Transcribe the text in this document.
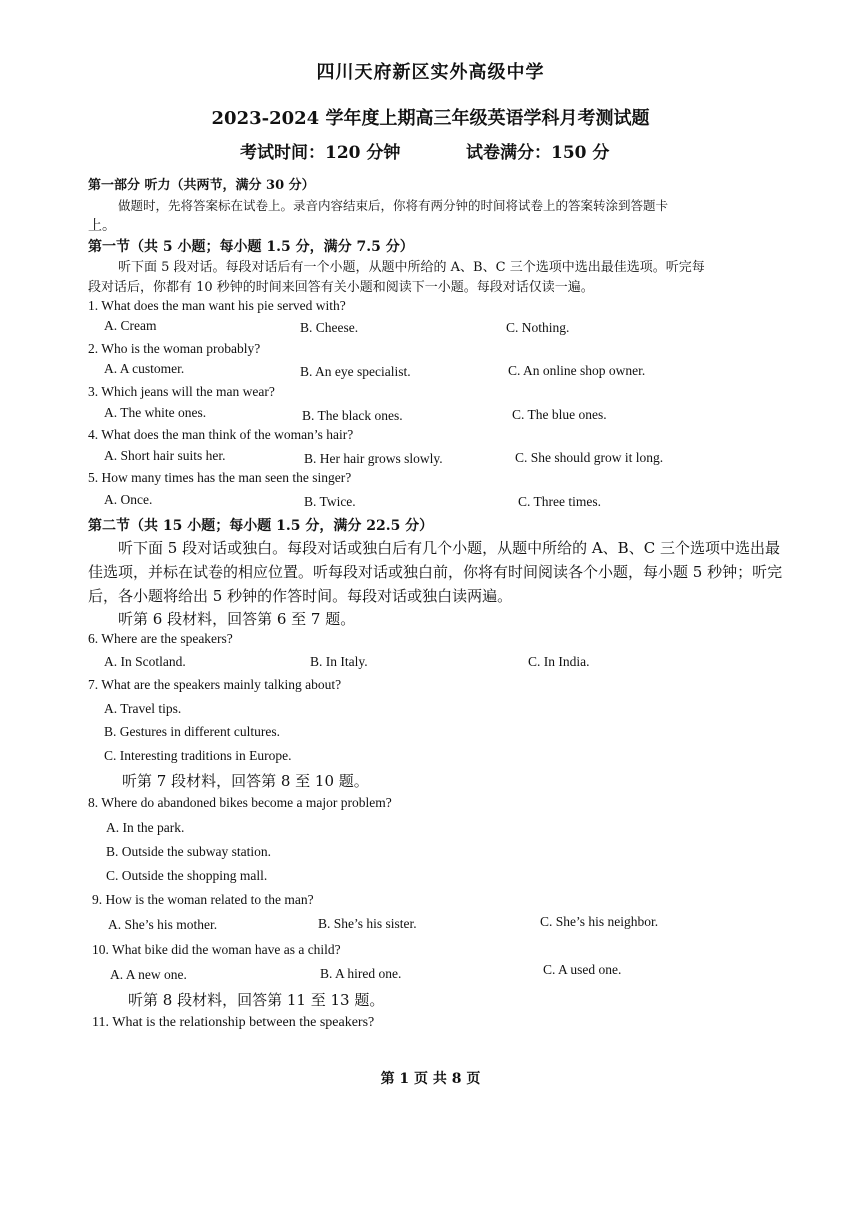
四川天府新区实外高级中学
2023-2024 学年度上期高三年级英语学科月考测试题
考试时间：120 分钟	试卷满分：150 分
第一部分 听力（共两节，满分 30 分）
做题时，先将答案标在试卷上。录音内容结束后，你将有两分钟的时间将试卷上的答案转涂到答题卡
上。
第一节（共 5 小题；每小题 1.5 分，满分 7.5 分）
听下面 5 段对话。每段对话后有一个小题，从题中所给的 A、B、C 三个选项中选出最佳选项。听完每
段对话后，你都有 10 秒钟的时间来回答有关小题和阅读下一小题。每段对话仅读一遍。
1. What does the man want his pie served with?
A. Cream	B. Cheese.	C. Nothing.
2. Who is the woman probably?
A. A customer.	B. An eye specialist.	C. An online shop owner.
3. Which jeans will the man wear?
A. The white ones.	B. The black ones.	C. The blue ones.
4. What does the man think of the woman’s hair?
A. Short hair suits her.	B. Her hair grows slowly.	C. She should grow it long.
5. How many times has the man seen the singer?
A. Once.	B. Twice.	C. Three times.
第二节（共 15 小题；每小题 1.5 分，满分 22.5 分）
听下面 5 段对话或独白。每段对话或独白后有几个小题，从题中所给的 A、B、C 三个选项中选出最
佳选项，并标在试卷的相应位置。听每段对话或独白前，你将有时间阅读各个小题，每小题 5 秒钟；听完
后，各小题将给出 5 秒钟的作答时间。每段对话或独白读两遍。
听第 6 段材料，回答第 6 至 7 题。
6. Where are the speakers?
A. In Scotland.	B. In Italy.	C. In India.
7. What are the speakers mainly talking about?
A. Travel tips.
B. Gestures in different cultures.
C. Interesting traditions in Europe.
听第 7 段材料，回答第 8 至 10 题。
8. Where do abandoned bikes become a major problem?
A. In the park.
B. Outside the subway station.
C. Outside the shopping mall.
9. How is the woman related to the man?
A. She’s his mother.	B. She’s his sister.	C. She’s his neighbor.
10. What bike did the woman have as a child?
A. A new one.	B. A hired one.	C. A used one.
听第 8 段材料，回答第 11 至 13 题。
11. What is the relationship between the speakers?
第 1 页 共 8 页
